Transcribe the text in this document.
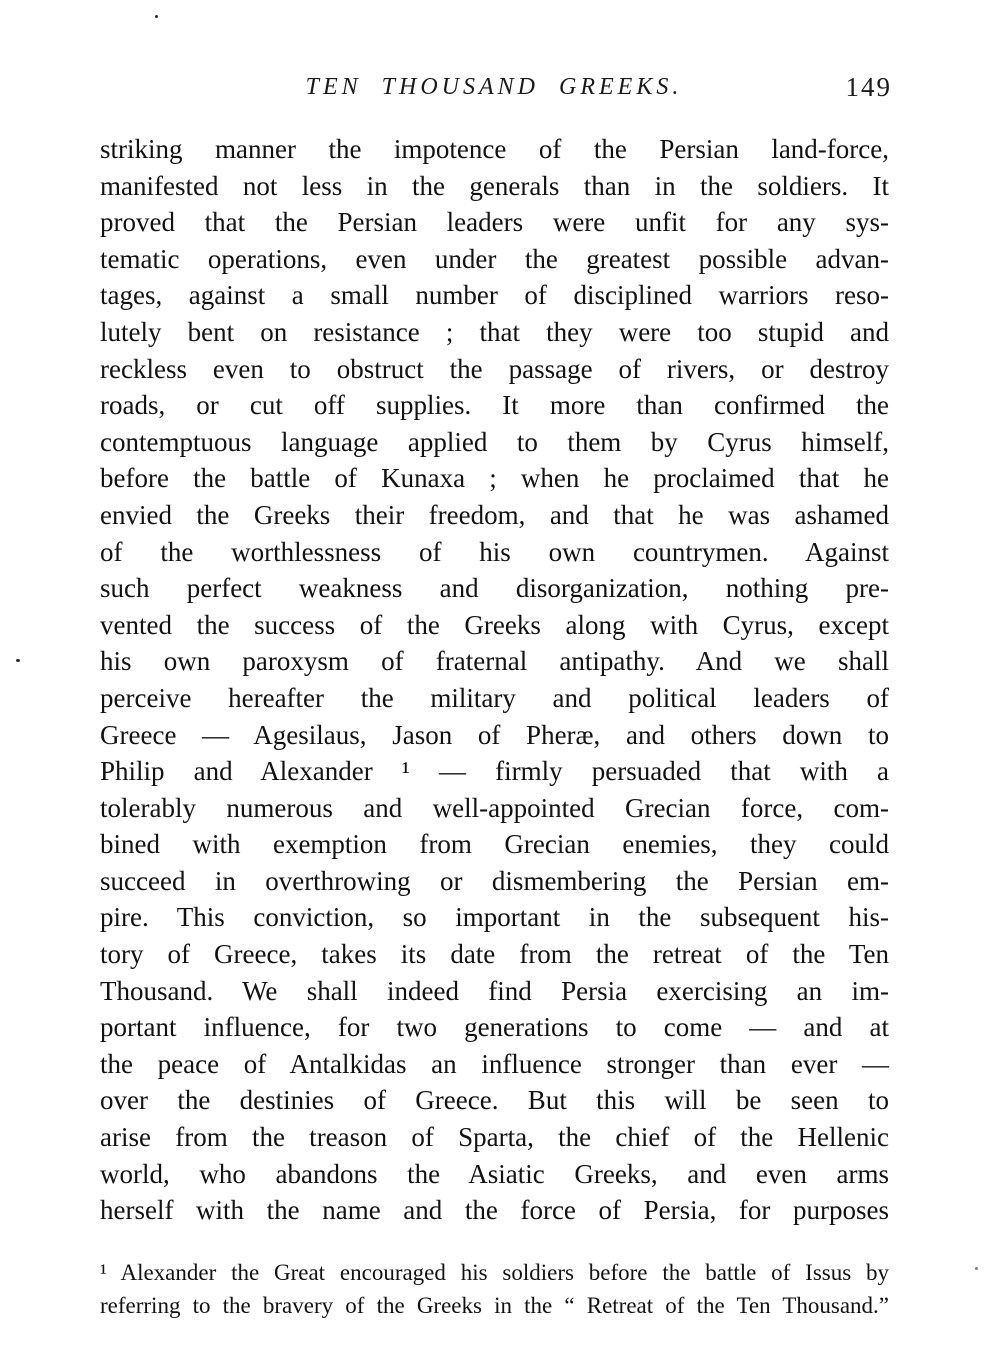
TEN THOUSAND GREEKS.	149
striking manner the impotence of the Persian land-force,
manifested not less in the generals than in the soldiers. It
proved that the Persian leaders were unfit for any sys-
tematic operations, even under the greatest possible advan-
tages, against a small number of disciplined warriors reso-
lutely bent on resistance ; that they were too stupid and
reckless even to obstruct the passage of rivers, or destroy
roads, or cut off supplies. It more than confirmed the
contemptuous language applied to them by Cyrus himself,
before the battle of Kunaxa ; when he proclaimed that he
envied the Greeks their freedom, and that he was ashamed
of the worthlessness of his own countrymen. Against
such perfect weakness and disorganization, nothing pre-
vented the success of the Greeks along with Cyrus, except
his own paroxysm of fraternal antipathy. And we shall
perceive hereafter the military and political leaders of
Greece — Agesilaus, Jason of Pheræ, and others down to
Philip and Alexander ¹ — firmly persuaded that with a
tolerably numerous and well-appointed Grecian force, com-
bined with exemption from Grecian enemies, they could
succeed in overthrowing or dismembering the Persian em-
pire. This conviction, so important in the subsequent his-
tory of Greece, takes its date from the retreat of the Ten
Thousand. We shall indeed find Persia exercising an im-
portant influence, for two generations to come — and at
the peace of Antalkidas an influence stronger than ever —
over the destinies of Greece. But this will be seen to
arise from the treason of Sparta, the chief of the Hellenic
world, who abandons the Asiatic Greeks, and even arms
herself with the name and the force of Persia, for purposes
¹ Alexander the Great encouraged his soldiers before the battle of Issus by
referring to the bravery of the Greeks in the “ Retreat of the Ten Thousand.”
